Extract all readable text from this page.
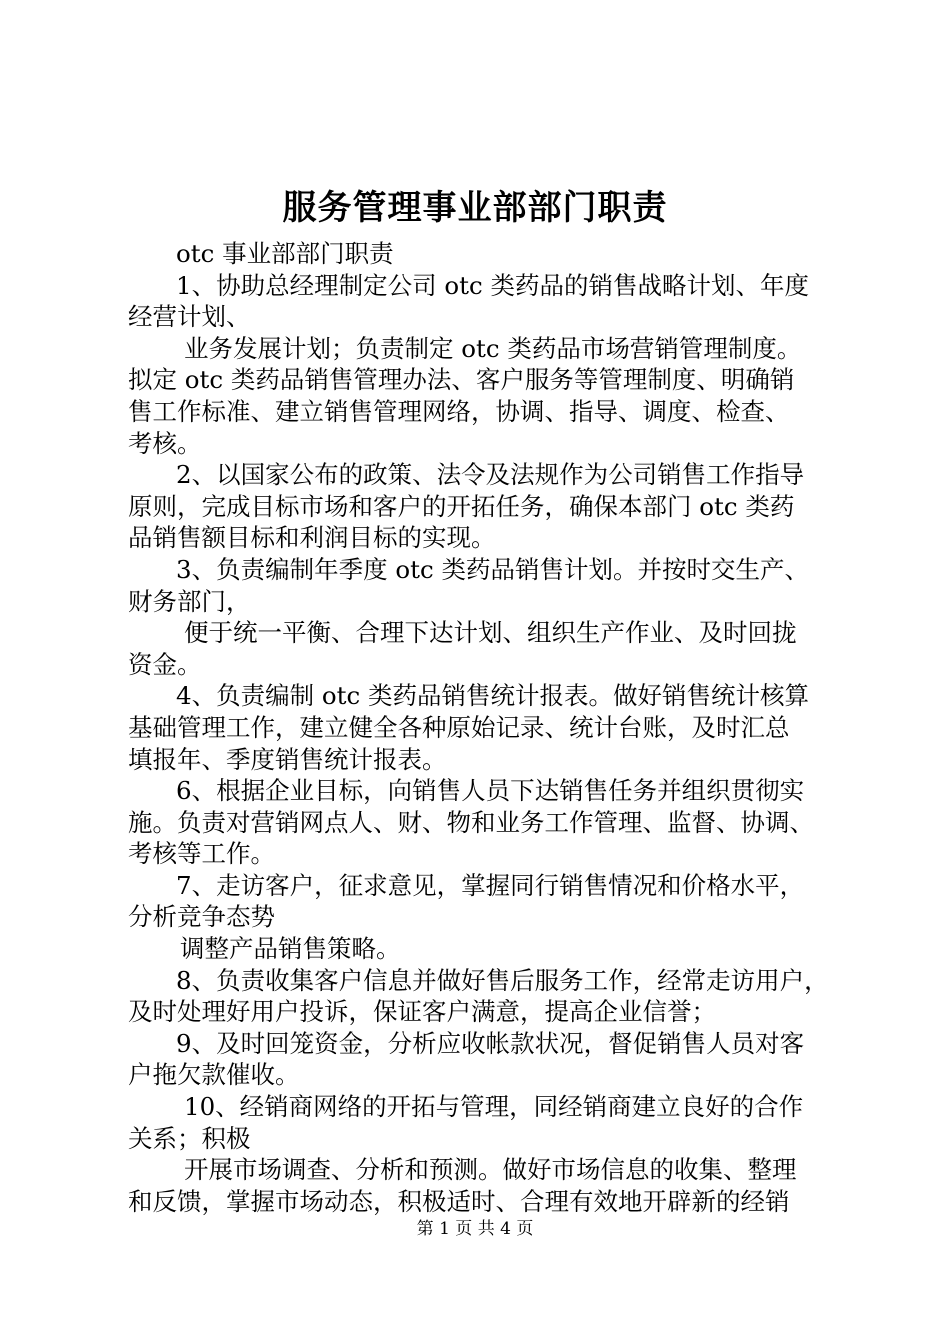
服务管理事业部部门职责
otc 事业部部门职责
1、协助总经理制定公司 otc 类药品的销售战略计划、年度
经营计划、
业务发展计划；负责制定 otc 类药品市场营销管理制度。
拟定 otc 类药品销售管理办法、客户服务等管理制度、明确销
售工作标准、建立销售管理网络，协调、指导、调度、检查、
考核。
2、以国家公布的政策、法令及法规作为公司销售工作指导
原则，完成目标市场和客户的开拓任务，确保本部门 otc 类药
品销售额目标和利润目标的实现。
3、负责编制年季度 otc 类药品销售计划。并按时交生产、
财务部门，
便于统一平衡、合理下达计划、组织生产作业、及时回拢
资金。
4、负责编制 otc 类药品销售统计报表。做好销售统计核算
基础管理工作，建立健全各种原始记录、统计台账，及时汇总
填报年、季度销售统计报表。
6、根据企业目标，向销售人员下达销售任务并组织贯彻实
施。负责对营销网点人、财、物和业务工作管理、监督、协调、
考核等工作。
7、走访客户，征求意见，掌握同行销售情况和价格水平，
分析竞争态势
调整产品销售策略。
8、负责收集客户信息并做好售后服务工作，经常走访用户，
及时处理好用户投诉，保证客户满意，提高企业信誉；
9、及时回笼资金，分析应收帐款状况，督促销售人员对客
户拖欠款催收。
10、经销商网络的开拓与管理，同经销商建立良好的合作
关系；积极
开展市场调查、分析和预测。做好市场信息的收集、整理
和反馈，掌握市场动态，积极适时、合理有效地开辟新的经销
第 1 页 共 4 页
